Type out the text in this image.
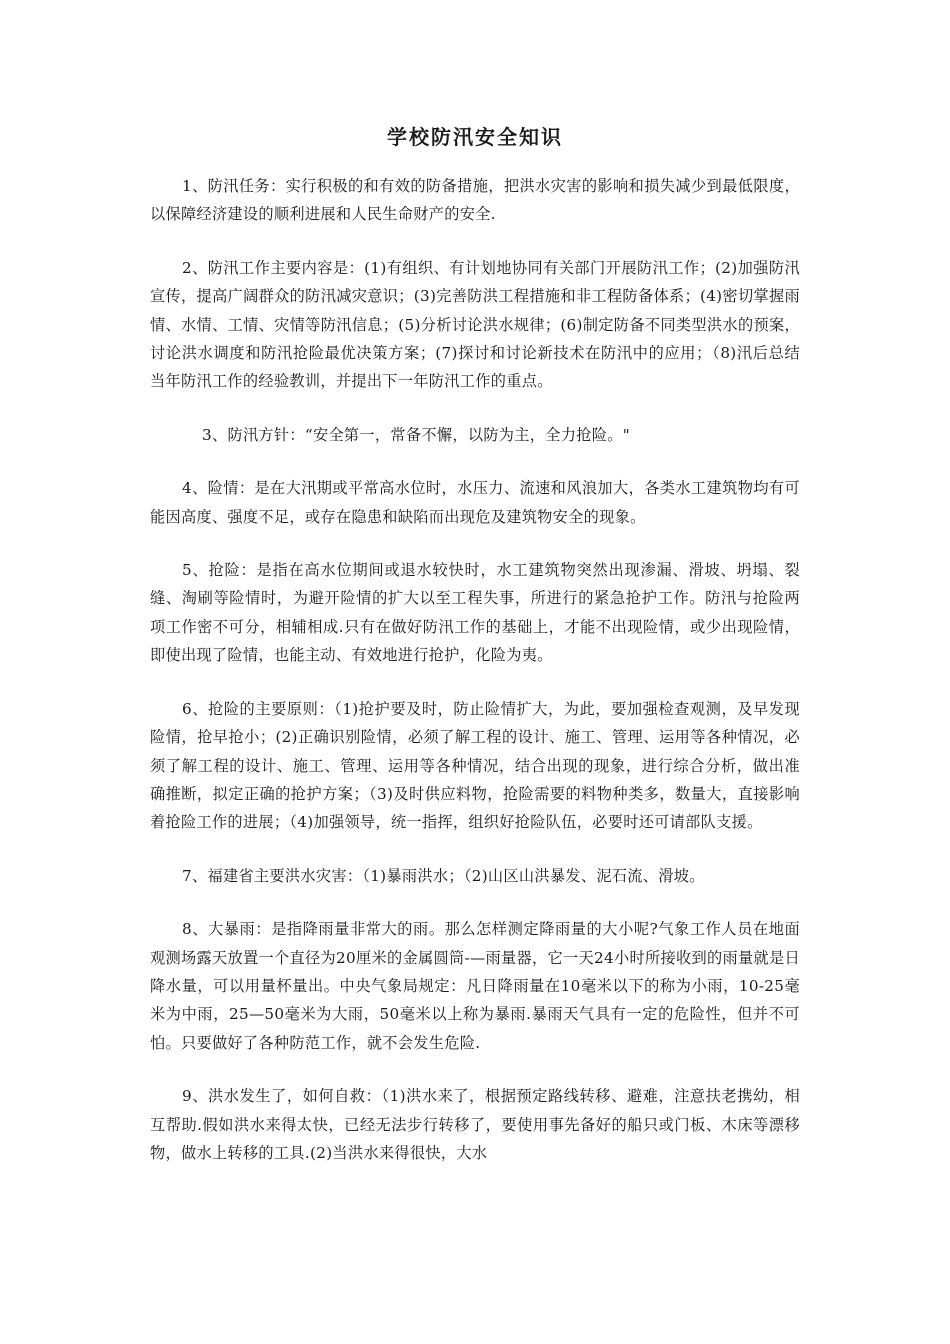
学校防汛安全知识

1、防汛任务：实行积极的和有效的防备措施，把洪水灾害的影响和损失减少到最低限度，以保障经济建设的顺利进展和人民生命财产的安全.

2、防汛工作主要内容是：(1)有组织、有计划地协同有关部门开展防汛工作；(2)加强防汛宣传，提高广阔群众的防汛减灾意识；(3)完善防洪工程措施和非工程防备体系；(4)密切掌握雨情、水情、工情、灾情等防汛信息；(5)分析讨论洪水规律；(6)制定防备不同类型洪水的预案，讨论洪水调度和防汛抢险最优决策方案；(7)探讨和讨论新技术在防汛中的应用；（8)汛后总结当年防汛工作的经验教训，并提出下一年防汛工作的重点。

3、防汛方针：“安全第一，常备不懈，以防为主，全力抢险。"

4、险情：是在大汛期或平常高水位时，水压力、流速和风浪加大，各类水工建筑物均有可能因高度、强度不足，或存在隐患和缺陷而出现危及建筑物安全的现象。

5、抢险：是指在高水位期间或退水较快时，水工建筑物突然出现渗漏、滑坡、坍塌、裂缝、淘刷等险情时，为避开险情的扩大以至工程失事，所进行的紧急抢护工作。防汛与抢险两项工作密不可分，相辅相成.只有在做好防汛工作的基础上，才能不出现险情，或少出现险情，即使出现了险情，也能主动、有效地进行抢护，化险为夷。

6、抢险的主要原则：（1)抢护要及时，防止险情扩大，为此，要加强检查观测，及早发现险情，抢早抢小；(2)正确识别险情，必须了解工程的设计、施工、管理、运用等各种情况，必须了解工程的设计、施工、管理、运用等各种情况，结合出现的现象，进行综合分析，做出准确推断，拟定正确的抢护方案；（3)及时供应料物，抢险需要的料物种类多，数量大，直接影响着抢险工作的进展；（4)加强领导，统一指挥，组织好抢险队伍，必要时还可请部队支援。

7、福建省主要洪水灾害：（1)暴雨洪水；（2)山区山洪暴发、泥石流、滑坡。

8、大暴雨：是指降雨量非常大的雨。那么怎样测定降雨量的大小呢?气象工作人员在地面观测场露天放置一个直径为20厘米的金属圆筒-—雨量器，它一天24小时所接收到的雨量就是日降水量，可以用量杯量出。中央气象局规定：凡日降雨量在10毫米以下的称为小雨，10-25毫米为中雨，25—50毫米为大雨，50毫米以上称为暴雨.暴雨天气具有一定的危险性，但并不可怕。只要做好了各种防范工作，就不会发生危险.

9、洪水发生了，如何自救：（1)洪水来了，根据预定路线转移、避难，注意扶老携幼，相互帮助.假如洪水来得太快，已经无法步行转移了，要使用事先备好的船只或门板、木床等漂移物，做水上转移的工具.(2)当洪水来得很快，大水
